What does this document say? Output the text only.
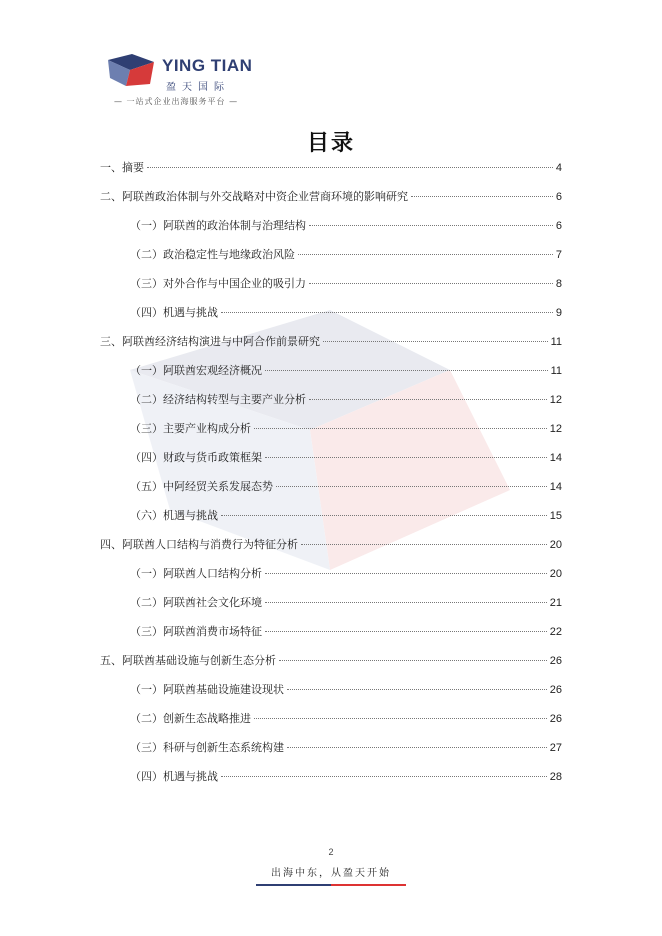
YING TIAN
盈天国际
— 一站式企业出海服务平台 —
目录
一、摘要	4
二、阿联酋政治体制与外交战略对中资企业营商环境的影响研究	6
（一）阿联酋的政治体制与治理结构	6
（二）政治稳定性与地缘政治风险	7
（三）对外合作与中国企业的吸引力	8
（四）机遇与挑战	9
三、阿联酋经济结构演进与中阿合作前景研究	11
（一）阿联酋宏观经济概况	11
（二）经济结构转型与主要产业分析	12
（三）主要产业构成分析	12
（四）财政与货币政策框架	14
（五）中阿经贸关系发展态势	14
（六）机遇与挑战	15
四、阿联酋人口结构与消费行为特征分析	20
（一）阿联酋人口结构分析	20
（二）阿联酋社会文化环境	21
（三）阿联酋消费市场特征	22
五、阿联酋基础设施与创新生态分析	26
（一）阿联酋基础设施建设现状	26
（二）创新生态战略推进	26
（三）科研与创新生态系统构建	27
（四）机遇与挑战	28
2
出海中东，从盈天开始
